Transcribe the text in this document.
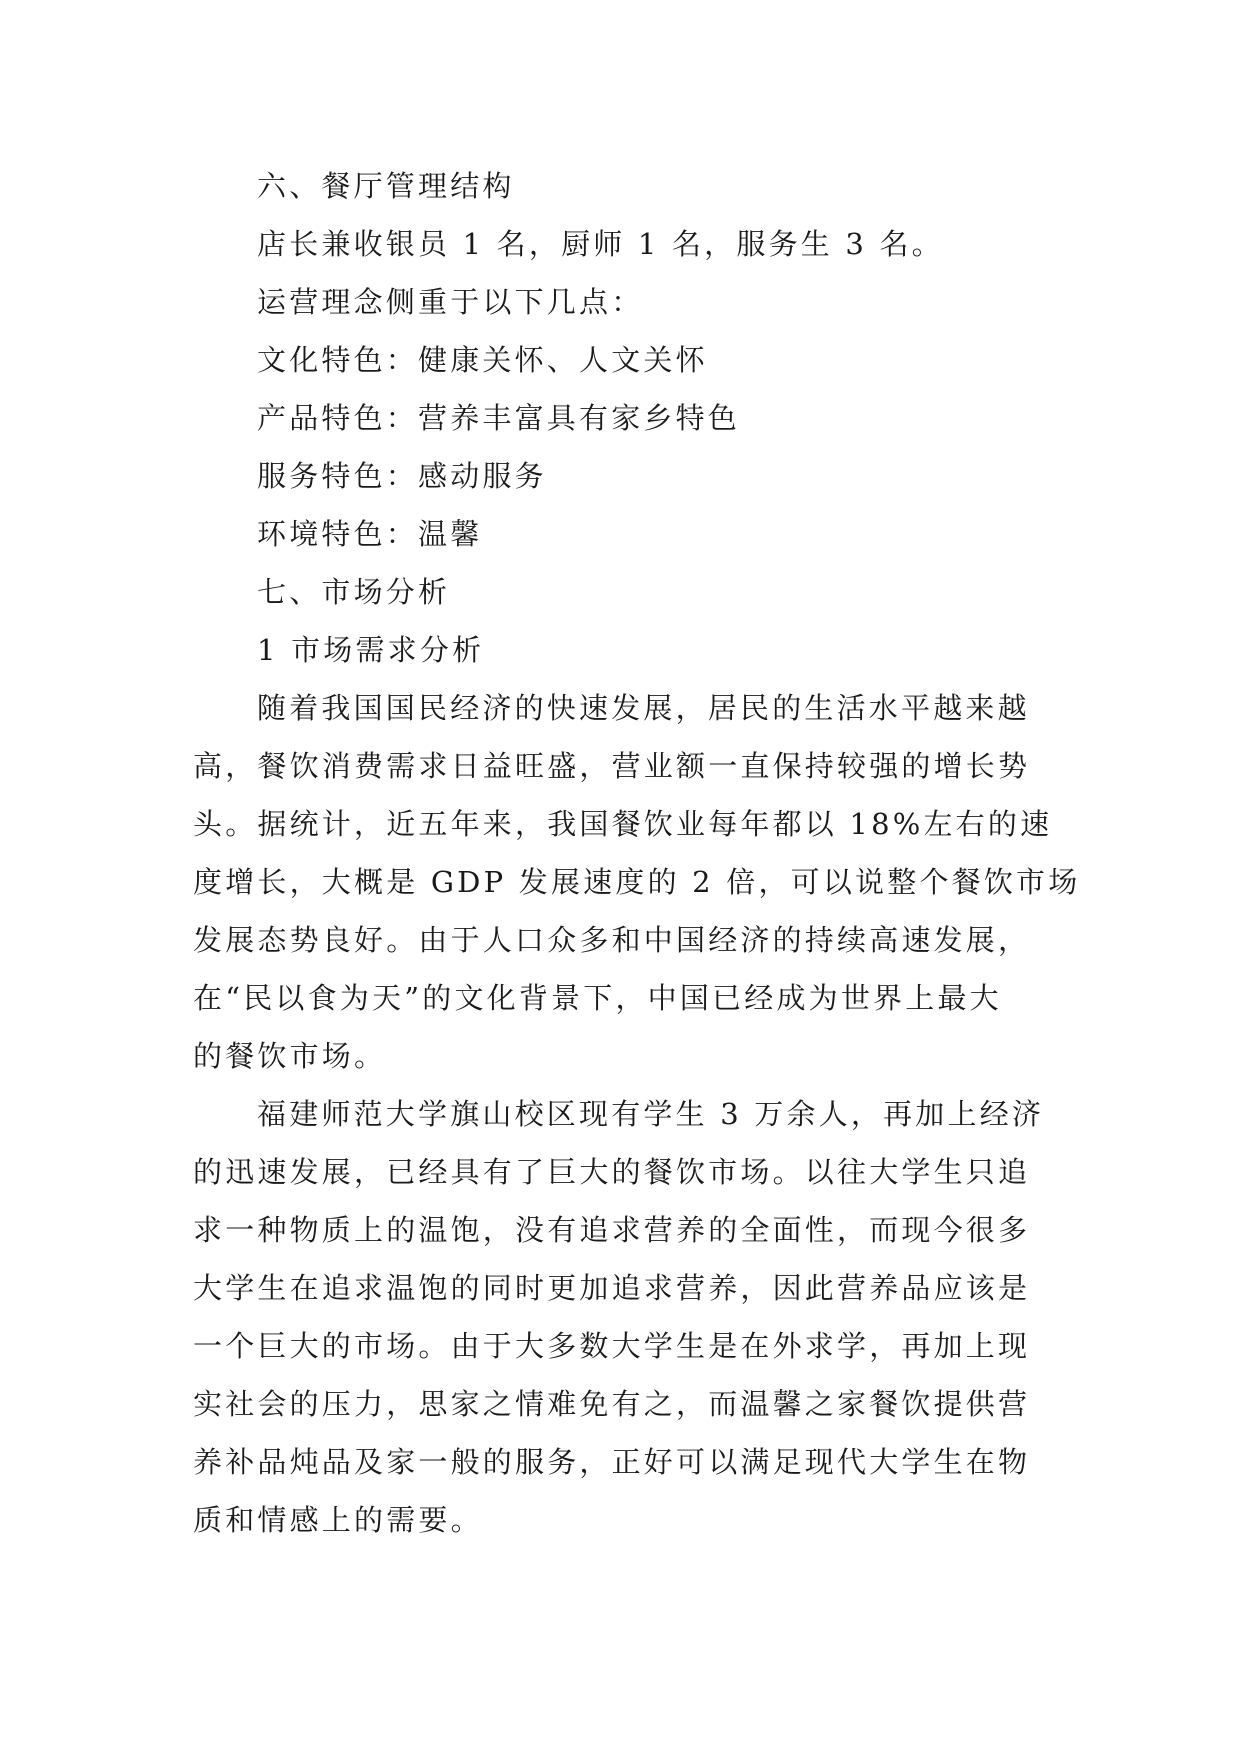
六、餐厅管理结构

店长兼收银员 1 名，厨师 1 名，服务生 3 名。

运营理念侧重于以下几点：

文化特色：健康关怀、人文关怀

产品特色：营养丰富具有家乡特色

服务特色：感动服务

环境特色：温馨

七、市场分析

1 市场需求分析

随着我国国民经济的快速发展，居民的生活水平越来越

高，餐饮消费需求日益旺盛，营业额一直保持较强的增长势

头。据统计，近五年来，我国餐饮业每年都以 18%左右的速

度增长，大概是 GDP 发展速度的 2 倍，可以说整个餐饮市场

发展态势良好。由于人口众多和中国经济的持续高速发展，

在“民以食为天”的文化背景下，中国已经成为世界上最大

的餐饮市场。

福建师范大学旗山校区现有学生 3 万余人，再加上经济

的迅速发展，已经具有了巨大的餐饮市场。以往大学生只追

求一种物质上的温饱，没有追求营养的全面性，而现今很多

大学生在追求温饱的同时更加追求营养，因此营养品应该是

一个巨大的市场。由于大多数大学生是在外求学，再加上现

实社会的压力，思家之情难免有之，而温馨之家餐饮提供营

养补品炖品及家一般的服务，正好可以满足现代大学生在物

质和情感上的需要。
